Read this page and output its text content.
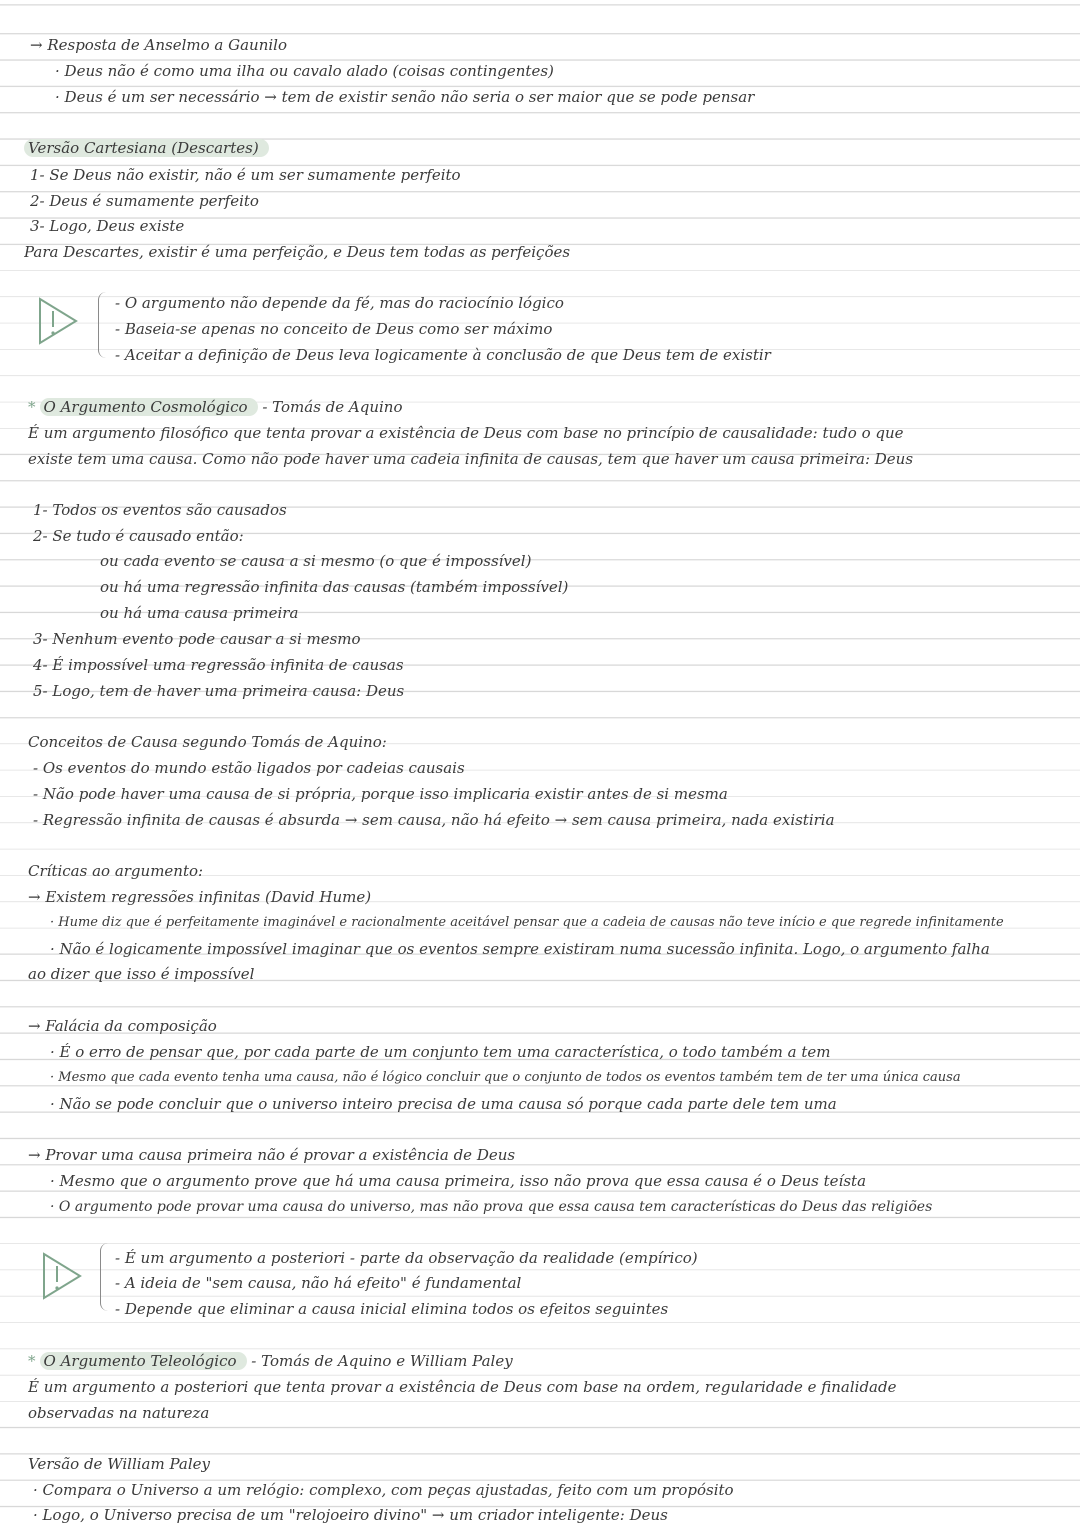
→ Resposta de Anselmo a Gaunilo
· Deus não é como uma ilha ou cavalo alado (coisas contingentes)
· Deus é um ser necessário → tem de existir senão não seria o ser maior que se pode pensar
Versão Cartesiana (Descartes)
1- Se Deus não existir, não é um ser sumamente perfeito
2- Deus é sumamente perfeito
3- Logo, Deus existe
Para Descartes, existir é uma perfeição, e Deus tem todas as perfeições
- O argumento não depende da fé, mas do raciocínio lógico
- Baseia-se apenas no conceito de Deus como ser máximo
- Aceitar a definição de Deus leva logicamente à conclusão de que Deus tem de existir
* O Argumento Cosmológico - Tomás de Aquino
É um argumento filosófico que tenta provar a existência de Deus com base no princípio de causalidade: tudo o que
existe tem uma causa. Como não pode haver uma cadeia infinita de causas, tem que haver um causa primeira: Deus
1- Todos os eventos são causados
2- Se tudo é causado então:
ou cada evento se causa a si mesmo (o que é impossível)
ou há uma regressão infinita das causas (também impossível)
ou há uma causa primeira
3- Nenhum evento pode causar a si mesmo
4- É impossível uma regressão infinita de causas
5- Logo, tem de haver uma primeira causa: Deus
Conceitos de Causa segundo Tomás de Aquino:
- Os eventos do mundo estão ligados por cadeias causais
- Não pode haver uma causa de si própria, porque isso implicaria existir antes de si mesma
- Regressão infinita de causas é absurda → sem causa, não há efeito → sem causa primeira, nada existiria
Críticas ao argumento:
→ Existem regressões infinitas (David Hume)
· Hume diz que é perfeitamente imaginável e racionalmente aceitável pensar que a cadeia de causas não teve início e que regrede infinitamente
· Não é logicamente impossível imaginar que os eventos sempre existiram numa sucessão infinita. Logo, o argumento falha
ao dizer que isso é impossível
→ Falácia da composição
· É o erro de pensar que, por cada parte de um conjunto tem uma característica, o todo também a tem
· Mesmo que cada evento tenha uma causa, não é lógico concluir que o conjunto de todos os eventos também tem de ter uma única causa
· Não se pode concluir que o universo inteiro precisa de uma causa só porque cada parte dele tem uma
→ Provar uma causa primeira não é provar a existência de Deus
· Mesmo que o argumento prove que há uma causa primeira, isso não prova que essa causa é o Deus teísta
· O argumento pode provar uma causa do universo, mas não prova que essa causa tem características do Deus das religiões
- É um argumento a posteriori - parte da observação da realidade (empírico)
- A ideia de "sem causa, não há efeito" é fundamental
- Depende que eliminar a causa inicial elimina todos os efeitos seguintes
* O Argumento Teleológico - Tomás de Aquino e William Paley
É um argumento a posteriori que tenta provar a existência de Deus com base na ordem, regularidade e finalidade
observadas na natureza
Versão de William Paley
· Compara o Universo a um relógio: complexo, com peças ajustadas, feito com um propósito
· Logo, o Universo precisa de um "relojoeiro divino" → um criador inteligente: Deus
